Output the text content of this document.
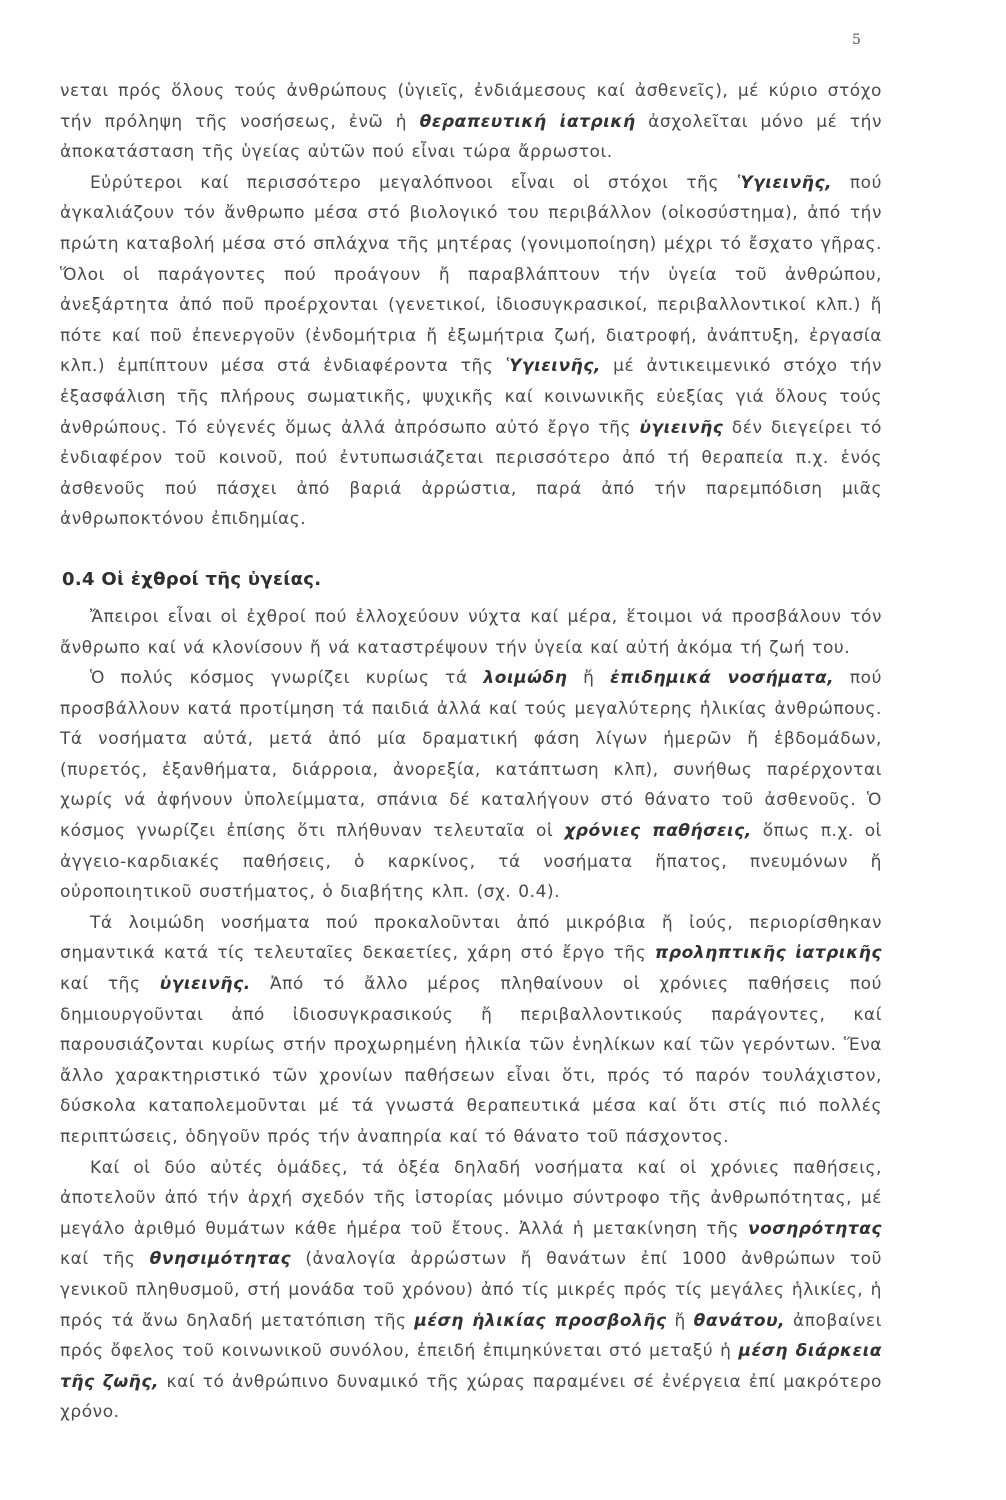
5

νεται πρός ὅλους τούς ἀνθρώπους (ὑγιεῖς, ἐνδιάμεσους καί ἀσθενεῖς), μέ κύριο στόχο τήν πρόληψη τῆς νοσήσεως, ἐνῶ ἡ θεραπευτική ἰατρική ἀσχολεῖται μόνο μέ τήν ἀποκατάσταση τῆς ὑγείας αὐτῶν πού εἶναι τώρα ἄρρωστοι.

Εὐρύτεροι καί περισσότερο μεγαλόπνοοι εἶναι οἱ στόχοι τῆς Ὑγιεινῆς, πού ἀγκαλιάζουν τόν ἄνθρωπο μέσα στό βιολογικό του περιβάλλον (οἰκοσύστημα), ἀπό τήν πρώτη καταβολή μέσα στό σπλάχνα τῆς μητέρας (γονιμοποίηση) μέχρι τό ἔσχατο γῆρας. Ὅλοι οἱ παράγοντες πού προάγουν ἤ παραβλάπτουν τήν ὑγεία τοῦ ἀνθρώπου, ἀνεξάρτητα ἀπό ποῦ προέρχονται (γενετικοί, ἰδιοσυγκρασικοί, περιβαλλοντικοί κλπ.) ἤ πότε καί ποῦ ἐπενεργοῦν (ἐνδομήτρια ἤ ἐξωμήτρια ζωή, διατροφή, ἀνάπτυξη, ἐργασία κλπ.) ἐμπίπτουν μέσα στά ἐνδιαφέροντα τῆς Ὑγιεινῆς, μέ ἀντικειμενικό στόχο τήν ἐξασφάλιση τῆς πλήρους σωματικῆς, ψυχικῆς καί κοινωνικῆς εὐεξίας γιά ὅλους τούς ἀνθρώπους. Τό εὐγενές ὅμως ἀλλά ἀπρόσωπο αὐτό ἔργο τῆς ὑγιεινῆς δέν διεγείρει τό ἐνδιαφέρον τοῦ κοινοῦ, πού ἐντυπωσιάζεται περισσότερο ἀπό τή θεραπεία π.χ. ἑνός ἀσθενοῦς πού πάσχει ἀπό βαριά ἀρρώστια, παρά ἀπό τήν παρεμπόδιση μιᾶς ἀνθρωποκτόνου ἐπιδημίας.

0.4 Οἱ ἐχθροί τῆς ὑγείας.

Ἄπειροι εἶναι οἱ ἐχθροί πού ἐλλοχεύουν νύχτα καί μέρα, ἕτοιμοι νά προσβάλουν τόν ἄνθρωπο καί νά κλονίσουν ἤ νά καταστρέψουν τήν ὑγεία καί αὐτή ἀκόμα τή ζωή του.

Ὁ πολύς κόσμος γνωρίζει κυρίως τά λοιμώδη ἤ ἐπιδημικά νοσήματα, πού προσβάλλουν κατά προτίμηση τά παιδιά ἀλλά καί τούς μεγαλύτερης ἡλικίας ἀνθρώπους. Τά νοσήματα αὐτά, μετά ἀπό μία δραματική φάση λίγων ἡμερῶν ἤ ἑβδομάδων, (πυρετός, ἐξανθήματα, διάρροια, ἀνορεξία, κατάπτωση κλπ), συνήθως παρέρχονται χωρίς νά ἀφήνουν ὑπολείμματα, σπάνια δέ καταλήγουν στό θάνατο τοῦ ἀσθενοῦς. Ὁ κόσμος γνωρίζει ἐπίσης ὅτι πλήθυναν τελευταῖα οἱ χρόνιες παθήσεις, ὅπως π.χ. οἱ ἀγγειο-καρδιακές παθήσεις, ὁ καρκίνος, τά νοσήματα ἥπατος, πνευμόνων ἤ οὐροποιητικοῦ συστήματος, ὁ διαβήτης κλπ. (σχ. 0.4).

Τά λοιμώδη νοσήματα πού προκαλοῦνται ἀπό μικρόβια ἤ ἰούς, περιορίσθηκαν σημαντικά κατά τίς τελευταῖες δεκαετίες, χάρη στό ἔργο τῆς προληπτικῆς ἰατρικῆς καί τῆς ὑγιεινῆς. Ἀπό τό ἄλλο μέρος πληθαίνουν οἱ χρόνιες παθήσεις πού δημιουργοῦνται ἀπό ἰδιοσυγκρασικούς ἤ περιβαλλοντικούς παράγοντες, καί παρουσιάζονται κυρίως στήν προχωρημένη ἡλικία τῶν ἐνηλίκων καί τῶν γερόντων. Ἕνα ἄλλο χαρακτηριστικό τῶν χρονίων παθήσεων εἶναι ὅτι, πρός τό παρόν τουλάχιστον, δύσκολα καταπολεμοῦνται μέ τά γνωστά θεραπευτικά μέσα καί ὅτι στίς πιό πολλές περιπτώσεις, ὁδηγοῦν πρός τήν ἀναπηρία καί τό θάνατο τοῦ πάσχοντος.

Καί οἱ δύο αὐτές ὁμάδες, τά ὀξέα δηλαδή νοσήματα καί οἱ χρόνιες παθήσεις, ἀποτελοῦν ἀπό τήν ἀρχή σχεδόν τῆς ἱστορίας μόνιμο σύντροφο τῆς ἀνθρωπότητας, μέ μεγάλο ἀριθμό θυμάτων κάθε ἡμέρα τοῦ ἔτους. Ἀλλά ἡ μετακίνηση τῆς νοσηρότητας καί τῆς θνησιμότητας (ἀναλογία ἀρρώστων ἤ θανάτων ἐπί 1000 ἀνθρώπων τοῦ γενικοῦ πληθυσμοῦ, στή μονάδα τοῦ χρόνου) ἀπό τίς μικρές πρός τίς μεγάλες ἡλικίες, ἡ πρός τά ἄνω δηλαδή μετατόπιση τῆς μέση ἡλικίας προσβολῆς ἤ θανάτου, ἀποβαίνει πρός ὄφελος τοῦ κοινωνικοῦ συνόλου, ἐπειδή ἐπιμηκύνεται στό μεταξύ ἡ μέση διάρκεια τῆς ζωῆς, καί τό ἀνθρώπινο δυναμικό τῆς χώρας παραμένει σέ ἐνέργεια ἐπί μακρότερο χρόνο.
